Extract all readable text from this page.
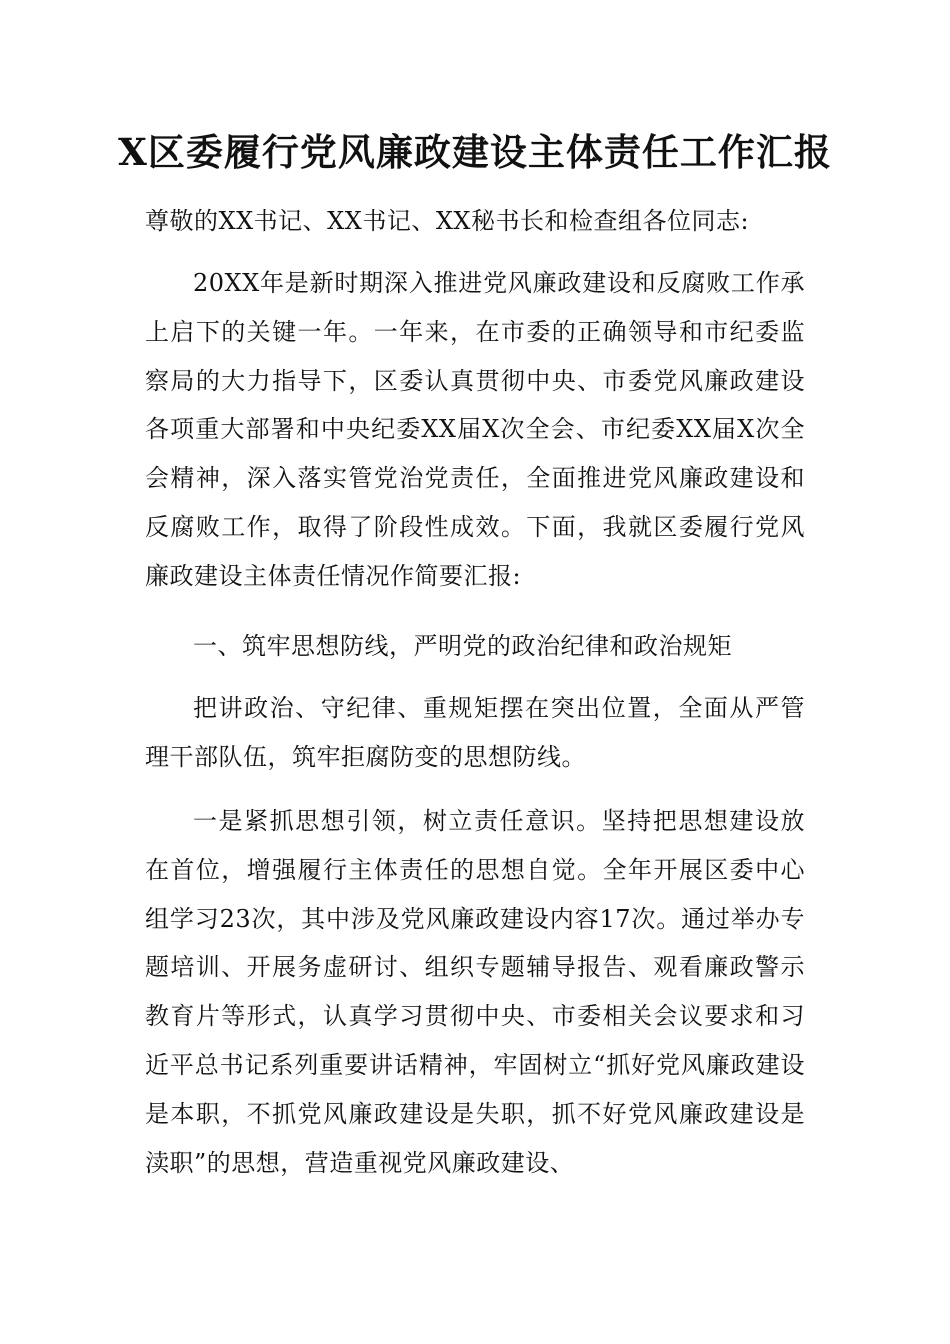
X区委履行党风廉政建设主体责任工作汇报

尊敬的XX书记、XX书记、XX秘书长和检查组各位同志:

20XX年是新时期深入推进党风廉政建设和反腐败工作承上启下的关键一年。一年来，在市委的正确领导和市纪委监察局的大力指导下，区委认真贯彻中央、市委党风廉政建设各项重大部署和中央纪委XX届X次全会、市纪委XX届X次全会精神，深入落实管党治党责任，全面推进党风廉政建设和反腐败工作，取得了阶段性成效。下面，我就区委履行党风廉政建设主体责任情况作简要汇报:

一、筑牢思想防线，严明党的政治纪律和政治规矩

把讲政治、守纪律、重规矩摆在突出位置，全面从严管理干部队伍，筑牢拒腐防变的思想防线。

一是紧抓思想引领，树立责任意识。坚持把思想建设放在首位，增强履行主体责任的思想自觉。全年开展区委中心组学习23次，其中涉及党风廉政建设内容17次。通过举办专题培训、开展务虚研讨、组织专题辅导报告、观看廉政警示教育片等形式，认真学习贯彻中央、市委相关会议要求和习近平总书记系列重要讲话精神，牢固树立“抓好党风廉政建设是本职，不抓党风廉政建设是失职，抓不好党风廉政建设是渎职”的思想，营造重视党风廉政建设、
